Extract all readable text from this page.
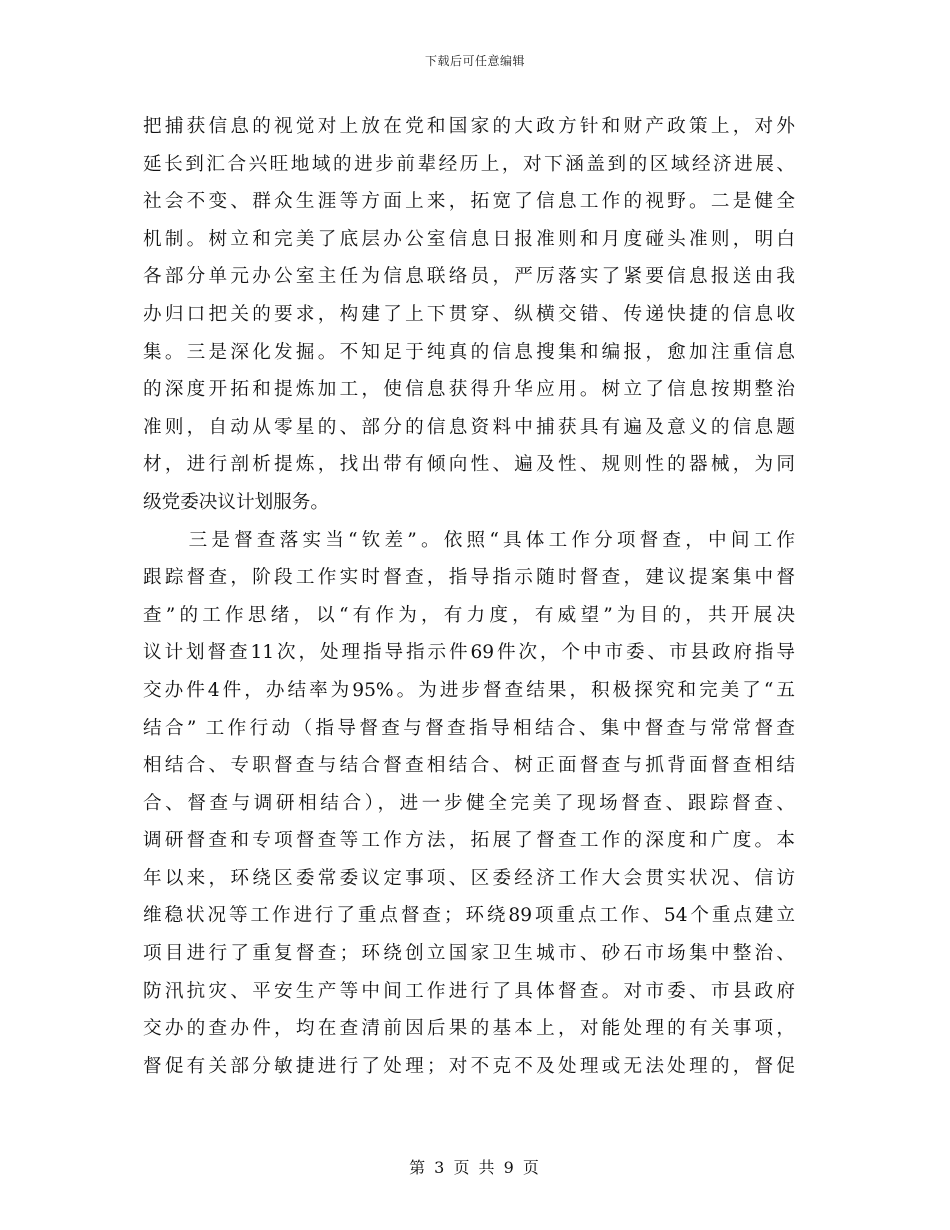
下载后可任意编辑
把捕获信息的视觉对上放在党和国家的大政方针和财产政策上，对外
延长到汇合兴旺地域的进步前辈经历上，对下涵盖到的区域经济进展、
社会不变、群众生涯等方面上来，拓宽了信息工作的视野。二是健全
机制。树立和完美了底层办公室信息日报准则和月度碰头准则，明白
各部分单元办公室主任为信息联络员，严厉落实了紧要信息报送由我
办归口把关的要求，构建了上下贯穿、纵横交错、传递快捷的信息收
集。三是深化发掘。不知足于纯真的信息搜集和编报，愈加注重信息
的深度开拓和提炼加工，使信息获得升华应用。树立了信息按期整治
准则，自动从零星的、部分的信息资料中捕获具有遍及意义的信息题
材，进行剖析提炼，找出带有倾向性、遍及性、规则性的器械，为同
级党委决议计划服务。
　　三是督查落实当“钦差”。依照“具体工作分项督查，中间工作
跟踪督查，阶段工作实时督查，指导指示随时督查，建议提案集中督
查”的工作思绪，以“有作为，有力度，有威望”为目的，共开展决
议计划督查11次，处理指导指示件69件次，个中市委、市县政府指导
交办件4件，办结率为95%。为进步督查结果，积极探究和完美了“五
结合” 工作行动（指导督查与督查指导相结合、集中督查与常常督查
相结合、专职督查与结合督查相结合、树正面督查与抓背面督查相结
合、督查与调研相结合），进一步健全完美了现场督查、跟踪督查、
调研督查和专项督查等工作方法，拓展了督查工作的深度和广度。本
年以来，环绕区委常委议定事项、区委经济工作大会贯实状况、信访
维稳状况等工作进行了重点督查；环绕89项重点工作、54个重点建立
项目进行了重复督查；环绕创立国家卫生城市、砂石市场集中整治、
防汛抗灾、平安生产等中间工作进行了具体督查。对市委、市县政府
交办的查办件，均在查清前因后果的基本上，对能处理的有关事项，
督促有关部分敏捷进行了处理；对不克不及处理或无法处理的，督促
第 3 页 共 9 页
